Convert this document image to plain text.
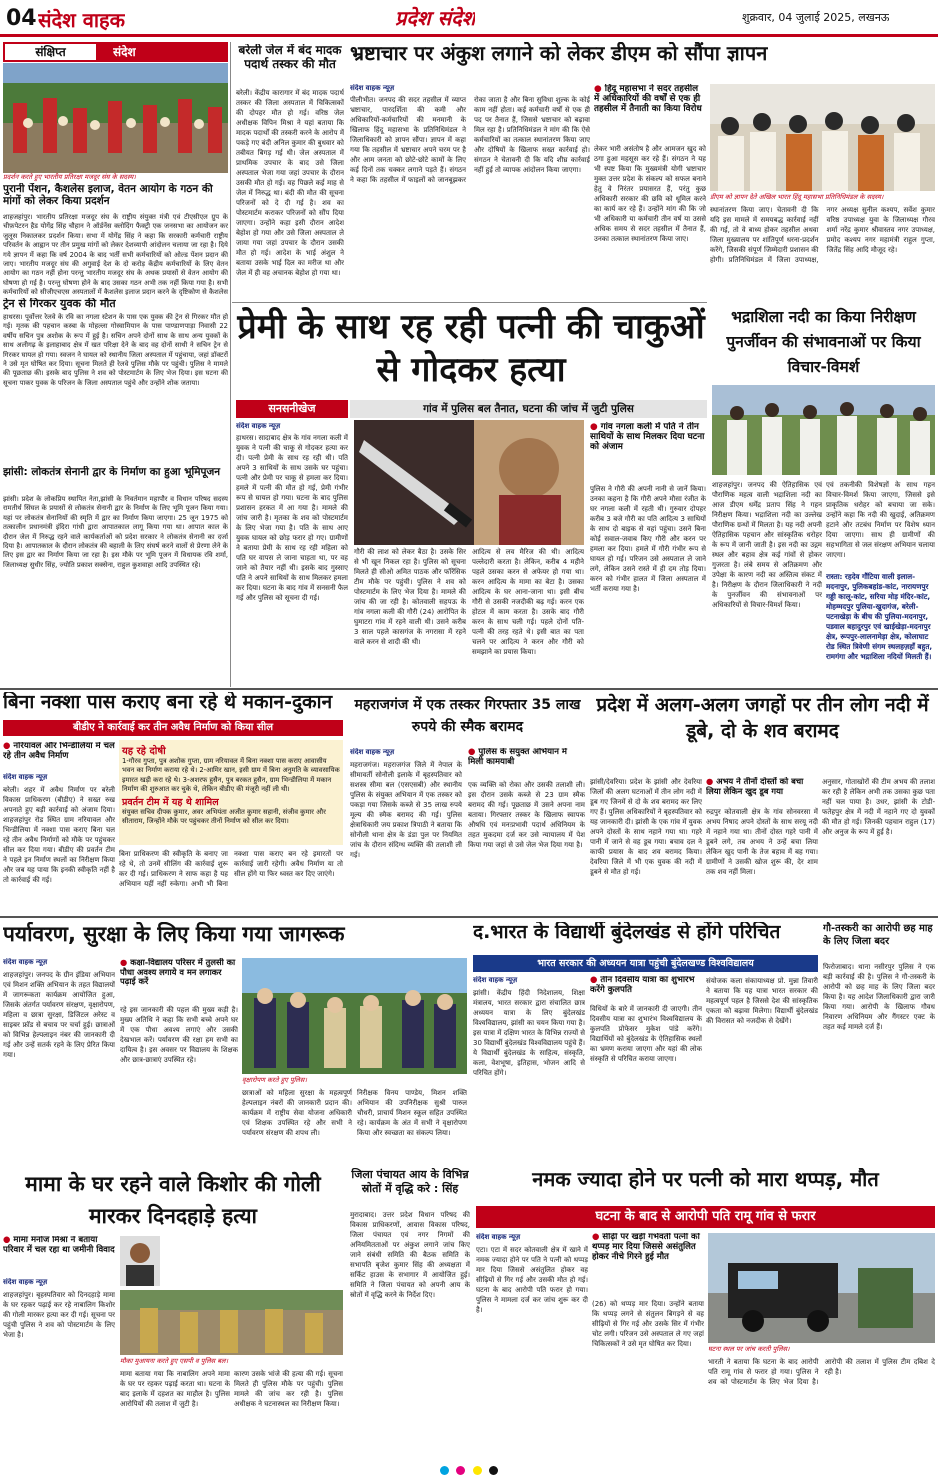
04 संदेश वाहक	प्रदेश संदेश	शुक्रवार, 04 जुलाई 2025, लखनऊ
संक्षिप्त	संदेश
प्रदर्शन करते हुए भारतीय प्रतिरक्षा मजदूर संघ के सदस्य।
पुरानी पेंशन, कैशलेस इलाज, वेतन आयोग के गठन की मांगों को लेकर किया प्रदर्शन
शाहजहांपुर। भारतीय प्रतिरक्षा मजदूर संघ के राष्ट्रीय संयुक्त मंत्री एवं टीएसीएल ग्रुप के चीफ़पेटरन हैड योगेंद्र सिंह चौहान ने ऑर्डनेंस क्लोदिंग फैक्ट्री एक जनसभा का आयोजन कर जुलूस निकालकर प्रदर्शन किया। सभा में योगेंद्र सिंह ने कहा कि सरकारी कर्मचारी राष्ट्रीय परिवर्तन के आह्वान पर तीन प्रमुख मांगों को लेकर देशव्यापी आंदोलन चलाया जा रहा है। दिये गये ज्ञापन में कहा कि वर्ष 2004 के बाद भर्ती सभी कर्मचारियों को ओल्ड पेंशन प्रदान की जाए। भारतीय मजदूर संघ की अगुवाई देश के दो करोड़ केंद्रीय कर्मचारियों के लिए वेतन आयोग का गठन नहीं होना परन्तु भारतीय मजदूर संघ के अथक प्रयासों से वेतन आयोग की घोषणा हो गई है। परन्तु घोषणा होने के बाद उसका गठन अभी तक नहीं किया गया है। सभी कर्मचारियों को सीजीएचएस अस्पतालों में कैशलेस इलाज प्रदान करने के दृष्टिकोण से कैशलेस
ट्रेन से गिरकर युवक की मौत
हाथरस। पूर्वोत्तर रेलवे के रवि का नगला स्टेशन के पास एक युवक की ट्रेन से गिरकर मौत हो गई। मृतक की पहचान कस्बा के मोहल्ला गोस्वामियान के पास पाण्डाणपाड़ा निवासी 22 वर्षीय सचिन पुत्र अशोक के रूप में हुई है। सचिन अपने दोनों साथ के साथ अन्य युवकों के साथ अलीगढ़ के इलाहाबाद क्षेत्र में खत परिक्षा देने के बाद वह दोनों साथी ने सचिन ट्रेन से गिरकर घायल हो गया। स्वजन ने घायल को स्थानीय जिला अस्पताल में पहुंचाया, जहां डॉक्टरों ने उसे मृत घोषित कर दिया। सूचना मिलते ही रेलवे पुलिस मौके पर पहुंची। पुलिस ने मामले की पूछताछ की। इसके बाद पुलिस ने शव को पोस्टमार्टम के लिए भेज दिया। इस घटना की सूचना पाकर युवक के परिजन के जिला अस्पताल पहुंचे और उन्होंने शोक जताया।
झांसी: लोकतंत्र सेनानी द्वार के निर्माण का हुआ भूमिपूजन
झांसी। प्रदेश के लोकप्रिय स्थापित नेता,झांसी के निवर्तमान महापौर व विधान परिषद सदस्य रामतीर्थ सिंघल के प्रयासों से लोकतंत्र सेनानी द्वार के निर्माण के लिए भूमि पूजन किया गया। यहां पर लोकतंत्र सेनानियों की स्मृति में द्वार का निर्माण किया जाएगा। 25 जून 1975 को तत्कालीन प्रधानमंत्री इंदिरा गांधी द्वारा आपातकाल लागू किया गया था। आपात काल के दौरान जेल में निरुद्ध रहने वाले कार्यकर्ताओं को प्रदेश सरकार ने लोकतंत्र सेनानी का दर्जा दिया है। आपातकाल के दौरान लोकतंत्र की बहाली के लिए संघर्ष करने वालों से प्रेरणा लेने के लिए इस द्वार का निर्माण किया जा रहा है। इस मौके पर भूमि पूजन में विधायक रवि शर्मा, जिलाध्यक्ष सुधीर सिंह, ज्योति प्रकाश सक्सेना, राहुल कुशवाहा आदि उपस्थित रहे।
बरेली जेल में बंद मादक पदार्थ तस्कर की मौत
बरेली। केंद्रीय कारागार में बंद मादक पदार्थ तस्कर की जिला अस्पताल में चिकित्सकों की दोपहर मौत हो गई। वरिष्ठ जेल अधीक्षक विपिन मिश्रा ने यहां बताया कि मादक पदार्थों की तस्करी करने के आरोप में पकड़े गए बंदी अनिल कुमार की बुधवार को तबीयत बिगड़ गई थी। जेल अस्पताल में प्राथमिक उपचार के बाद उसे जिला अस्पताल भेजा गया जहां उपचार के दौरान उसकी मौत हो गई। वह पिछले कई माह से जेल में निरुद्ध था। बंदी की मौत की सूचना परिजनों को दे दी गई है। शव का पोस्टमार्टम कराकर परिजनों को सौंप दिया जाएगा। उन्होंने कहा इसी दौरान आदेश बेहोश हो गया और उसे जिला अस्पताल ले जाया गया जहां उपचार के दौरान उसकी मौत हो गई। आदेश के भाई अंशुल ने बताया उसके भाई दिल का मरीज था और जेल में ही वह अचानक बेहोश हो गया था।
भ्रष्टाचार पर अंकुश लगाने को लेकर डीएम को सौंपा ज्ञापन
संदेश वाहक न्यूज़
पीलीभीत। जनपद की सदर तहसील में व्याप्त भ्रष्टाचार, पारदर्शिता की कमी और अधिकारियों-कर्मचारियों की मनमानी के खिलाफ हिंदू महासभा के प्रतिनिधिमंडल ने जिलाधिकारी को ज्ञापन सौंपा। ज्ञापन में कहा गया कि तहसील में भ्रष्टाचार अपने चरम पर है और आम जनता को छोटे-छोटे कामों के लिए कई दिनों तक चक्कर लगाने पड़ते हैं। संगठन ने कहा कि तहसील में फाइलों को जानबूझकर रोका जाता है और बिना सुविधा शुल्क के कोई काम नहीं होता। कई कर्मचारी वर्षों से एक ही पद पर तैनात हैं, जिससे भ्रष्टाचार को बढ़ावा मिल रहा है। प्रतिनिधिमंडल ने मांग की कि ऐसे कर्मचारियों का तत्काल स्थानांतरण किया जाए और दोषियों के खिलाफ सख्त कार्रवाई हो। संगठन ने चेतावनी दी कि यदि शीघ्र कार्रवाई नहीं हुई तो व्यापक आंदोलन किया जाएगा।
● हिंदू महासभा ने सदर तहसील में अधिकारियों की वर्षों से एक ही तहसील में तैनाती का किया विरोध
लेकर भारी असंतोष है और आमजन खुद को ठगा हुआ महसूस कर रहे हैं। संगठन ने यह भी स्पष्ट किया कि मुख्यमंत्री योगी भ्रष्टाचार मुक्त उत्तर प्रदेश के संकल्प को सफल बनाने हेतु वे निरंतर प्रयासरत हैं, परंतु कुछ अधिकारी सरकार की छवि को धूमिल करने का कार्य कर रहे हैं। उन्होंने मांग की कि जो भी अधिकारी या कर्मचारी तीन वर्ष या उससे अधिक समय से सदर तहसील में तैनात हैं, उनका तत्काल स्थानांतरण किया जाए।
डीएम को ज्ञापन देते अखिल भारत हिंदू महासभा प्रतिनिधिमंडल के सदस्य।
स्थानांतरण किया जाए। चेतावनी दी कि यदि इस मामले में समयबद्ध कार्रवाई नहीं की गई, तो वे बाध्य होकर तहसील अथवा जिला मुख्यालय पर शांतिपूर्ण धरना-प्रदर्शन करेंगे, जिसकी संपूर्ण जिम्मेदारी प्रशासन की होगी। प्रतिनिधिमंडल में जिला उपाध्यक्ष, नगर अध्यक्ष सुनील कश्यप, सर्वेश कुमार वरिष्ठ उपाध्यक्ष युवा के जिलाध्यक्ष गौरव शर्मा नरेंद्र कुमार श्रीवास्तव नगर उपाध्यक्ष, प्रमोद कश्यप नगर महामंत्री राहुल गुप्ता, जितेंद्र सिंह आदि मौजूद रहे।
प्रेमी के साथ रह रही पत्नी की चाकुओं से गोदकर हत्या
सनसनीखेज	गांव में पुलिस बल तैनात, घटना की जांच में जुटी पुलिस
संदेश वाहक न्यूज़
हाथरस। सादाबाद क्षेत्र के गांव नगला कली में युवक ने पत्नी की चाकू से गोदकर हत्या कर दी। पत्नी प्रेमी के साथ रह रही थी। पति अपने 3 साथियों के साथ उसके घर पहुंचा। पत्नी और प्रेमी पर चाकू से हमला कर दिया। हमले में पत्नी की मौत हो गई, प्रेमी गंभीर रूप से घायल हो गया। घटना के बाद पुलिस प्रशासन हरकत में आ गया है। मामले की जांच जारी है। मृतका के शव को पोस्टमार्टम के लिए भेजा गया है। पति के साथ आए युवक घायल को छोड़ फरार हो गए। ग्रामीणों ने बताया प्रेमी के साथ रह रही महिला को पति घर वापस ले जाना चाहता था, पर वह जाने को तैयार नहीं थी। इसके बाद गुस्साए पति ने अपने साथियों के साथ मिलकर हमला कर दिया। घटना के बाद गांव में सनसनी फैल गई और पुलिस को सूचना दी गई।
गौरी की लाश को लेकर बैठा है। उसके सिर से भी खून निकल रहा है। पुलिस को सूचना मिलते ही सीओ अमित पाठक और फॉरेंसिक टीम मौके पर पहुंची। पुलिस ने शव को पोस्टमार्टम के लिए भेज दिया है। मामले की जांच की जा रही है। कोतवाली सहपऊ के गांव नगला कली की गौरी (24) आरोपित के घुमाटरा गांव में रहने वाली थी। उसने करीब 3 साल पहले कासगंज के नगरासा में रहने वाले करन से शादी की थी।
आदित्य से लव मैरिज की थी। आदित्य पल्लेदारी करता है। लेकिन, करीब 4 महीने पहले उसका करन से अफेयर हो गया था। करन आदित्य के मामा का बेटा है। उसका आदित्य के घर आना-जाना था। इसी बीच गौरी से उसकी नजदीकी बढ़ गई। करन एक होटल में काम करता है। उसके बाद गौरी करन के साथ चली गई। पहले दोनों पति-पत्नी की तरह रहते थे। इसी बात का पता चलने पर आदित्य ने करन और गौरी को समझाने का प्रयास किया।
● गांव नगला कली में पति ने तीन साथियों के साथ मिलकर दिया घटना को अंजाम
पुलिस ने गौरी की अपनी नानी से जानें किया। उनका कहना है कि गौरी अपने मौसा रंजीत के घर नगला कली में रहती थी। गुरुवार दोपहर करीब 3 बजे गौरी का पति आदित्य 3 साथियों के साथ दो बाइक से वहां पहुंचा। उसने बिना कोई सवाल-जवाब किए गौरी और करन पर हमला कर दिया। हमले में गौरी गंभीर रूप से घायल हो गई। परिजन उसे अस्पताल ले जाने लगे, लेकिन उसने रास्ते में ही दम तोड़ दिया। करन को गंभीर हालत में जिला अस्पताल में भर्ती कराया गया है।
भद्राशिला नदी का किया निरीक्षण पुनर्जीवन की संभावनाओं पर किया विचार-विमर्श
शाहजहांपुर। जनपद की ऐतिहासिक एवं पौराणिक महत्व वाली भद्राशिला नदी का आज डीएम धर्मेंद्र प्रताप सिंह ने गहन निरीक्षण किया। भद्राशिला नदी का उल्लेख पौराणिक ग्रन्थों में मिलता है। यह नदी अपनी ऐतिहासिक पहचान और सांस्कृतिक धरोहर के रूप में जानी जाती है। इस नदी का उद्गम स्थल और बहाव क्षेत्र कई गांवों से होकर गुजरता है। लंबे समय से अतिक्रमण और उपेक्षा के कारण नदी का अस्तित्व संकट में है। निरीक्षण के दौरान जिलाधिकारी ने नदी के पुनर्जीवन की संभावनाओं पर अधिकारियों से विचार-विमर्श किया।
एवं तकनीकी विशेषज्ञों के साथ गहन विचार-विमर्श किया जाएगा, जिससे इसे प्राकृतिक धरोहर को बचाया जा सके। उन्होंने कहा कि नदी की खुदाई, अतिक्रमण हटाने और तटबंध निर्माण पर विशेष ध्यान दिया जाएगा। साथ ही ग्रामीणों की सहभागिता से जल संरक्षण अभियान चलाया जाएगा।
रास्ता: रहदेव गौंटिया वाली इलाल-मदनापुर, पुलिकबहांड-कांट, नारायणपुर गड्डी कालू-कांट, सरिया मोड़ मंदिर-कांट, मोहम्मदपुर पुलिया-खुदागंज, बरेली-पटनाखेड़ा के बीच की पुलिया-मदनापुर, पडवाल बहादुरपुर एवं खाईखेड़ा-मदनापुर क्षेत्र, रूपपुर-लालनामेड़ा क्षेत्र, कोलाघाट रोड स्थित त्रिवेणी संगम स्थलहज़हाँ बहुत, रामगंगा और भद्राशिला नदियों मिलती हैं।
बिना नक्शा पास कराए बना रहे थे मकान-दुकान
बीडीए ने कार्रवाई कर तीन अवैध निर्माण को किया सील
● नरियावल और भिन्डीलिया में चल रहे तीन अवैध निर्माण
संदेश वाहक न्यूज़
बरेली। शहर में अवैध निर्माण पर बरेली विकास प्राधिकरण (बीडीए) ने सख्त रुख अपनाते हुए बड़ी कार्रवाई को अंजाम दिया। शाहजहांपुर रोड स्थित ग्राम नरियावल और भिन्डीलिया में नक्शा पास कराए बिना चल रहे तीन अवैध निर्माणों को मौके पर पहुंचकर सील कर दिया गया। बीडीए की प्रवर्तन टीम ने पहले इन निर्माण स्थलों का निरीक्षण किया और जब यह पाया कि इनकी स्वीकृति नहीं है तो कार्रवाई की गई।
यह रहे दोषी
1-गौरव गुप्ता, पुत्र अशोक गुप्ता, ग्राम नरियावल में बिना नक्शा पास कराए आवासीय भवन का निर्माण कराया रहे थे। 2-आमिर खान, इसी ग्राम में बिना अनुमति के व्यावसायिक इमारत खड़ी करा रहे थे। 3-अशरफ हुसैन, पुत्र बरकत हुसैन, ग्राम भिन्डीलिया में मकान निर्माण की शुरुआत कर चुके थे, लेकिन बीडीए की मंजूरी नहीं ली थी।
प्रवर्तन टीम में यह थे शामिल
संयुक्त सचिव दीपक कुमार, अवर अभियंता अजीत कुमार सहानी, संजीव कुमार और सीताराम, जिन्होंने मौके पर पहुंचकर तीनों निर्माण को सील कर दिया।
बिना प्राधिकरण की स्वीकृति के बनाए जा रहे थे, तो उनमें सीलिंग की कार्रवाई शुरू कर दी गई। प्राधिकरण ने साफ कहा है यह अभियान यहीं नहीं रुकेगा। अभी भी बिना नक्शा पास कराए बन रहे इमारतों पर कार्रवाई जारी रहेगी। अवैध निर्माण या तो सील होंगे या फिर ध्वस्त कर दिए जाएंगे।
महराजगंज में एक तस्कर गिरफ्तार 35 लाख रुपये की स्मैक बरामद
संदेश वाहक न्यूज़
महराजगंज। महराजगंज जिले में नेपाल के सीमावर्ती सोनौली इलाके में बृहस्पतिवार को सशस्त्र सीमा बल (एसएसबी) और स्थानीय पुलिस के संयुक्त अभियान में एक तस्कर को पकड़ा गया जिसके कब्जे से 35 लाख रुपये मूल्य की स्मैक बरामद की गई। पुलिस क्षेत्राधिकारी जय प्रकाश त्रिपाठी ने बताया कि सोनौली थाना क्षेत्र के डंडा पुल पर नियमित जांच के दौरान संदिग्ध व्यक्ति की तलाशी ली गई।
● पुलिस के संयुक्त अभियान में मिली कामयाबी
एक व्यक्ति को रोका और उसकी तलाशी ली। इस दौरान उसके कब्जे से 23 ग्राम स्मैक बरामद की गई। पूछताछ में उसने अपना नाम बताया। गिरफ्तार तस्कर के खिलाफ स्वापक औषधि एवं मनःप्रभावी पदार्थ अधिनियम के तहत मुकदमा दर्ज कर उसे न्यायालय में पेश किया गया जहां से उसे जेल भेज दिया गया है।
प्रदेश में अलग-अलग जगहों पर तीन लोग नदी में डूबे, दो के शव बरामद
झांसी/देवरिया। प्रदेश के झांसी और देवरिया जिलों की अलग घटनाओं में तीन लोग नदी में डूब गए जिनमें से दो के शव बरामद कर लिए गए हैं। पुलिस अधिकारियों ने बृहस्पतिवार को यह जानकारी दी। झांसी के एक गांव में युवक अपने दोस्तों के साथ नहाने गया था। गहरे पानी में जाने से वह डूब गया। बचाव दल ने काफी प्रयास के बाद शव बरामद किया। देवरिया जिले में भी एक युवक की नदी में डूबने से मौत हो गई।
● अभय ने तीनों दोस्तों को बचा लिया लेकिन खुद डूब गया
रुद्रपुर कोतवाली क्षेत्र के गांव सोनवरसा में अभय निषाद अपने दोस्तों के साथ सरयू नदी में नहाने गया था। तीनों दोस्त गहरे पानी में डूबने लगे, तब अभय ने उन्हें बचा लिया लेकिन खुद पानी के तेज बहाव में बह गया। ग्रामीणों ने उसकी खोज शुरू की, देर शाम तक शव नहीं मिला।
अनुसार, गोताखोरों की टीम अभय की तलाश कर रही है लेकिन अभी तक उसका कुछ पता नहीं चल पाया है। उधर, झांसी के टोडी-फतेहपुर क्षेत्र में नदी में नहाने गए दो युवकों की मौत हो गई। जिनकी पहचान राहुल (17) और अनुज के रूप में हुई है।
पर्यावरण, सुरक्षा के लिए किया गया जागरूक
संदेश वाहक न्यूज़
शाहजहांपुर। जनपद के ग्रीन इंडिया अभियान एवं मिशन शक्ति अभियान के तहत विद्यालयों में जागरूकता कार्यक्रम आयोजित हुआ, जिसके अंतर्गत पर्यावरण संरक्षण, वृक्षारोपण, महिला व छात्रा सुरक्षा, डिजिटल अरेस्ट व साइबर फ्रॉड से बचाव पर चर्चा हुई। छात्राओं को विभिन्न हेल्पलाइन नंबर की जानकारी दी गई और उन्हें सतर्क रहने के लिए प्रेरित किया गया।
● कक्षा-विद्यालय परिसर में तुलसी का पौधा अवश्य लगाये व मन लगाकर पढ़ाई करें
रहे इस जानकारी की पहल की मुख्य कड़ी है। मुख्य अतिथि ने कहा कि सभी बच्चे अपने घर में एक पौधा अवश्य लगाएं और उसकी देखभाल करें। पर्यावरण की रक्षा हम सभी का दायित्व है। इस अवसर पर विद्यालय के शिक्षक और छात्र-छात्राएं उपस्थित रहे।
वृक्षारोपण करते हुए पुलिस।
छात्राओं को महिला सुरक्षा के महत्वपूर्ण हेल्पलाइन नंबरों की जानकारी प्रदान की। कार्यक्रम में राष्ट्रीय सेवा योजना अधिकारी एवं शिक्षक उपस्थित रहे और सभी ने पर्यावरण संरक्षण की शपथ ली।
निरीक्षक विनय पाण्डेय, मिशन शक्ति अभियान की उपनिरीक्षक सुश्री पारुल चौधरी, प्राचार्य मिशन स्कूल सहित उपस्थित रहे। कार्यक्रम के अंत में सभी ने वृक्षारोपण किया और स्वच्छता का संकल्प लिया।
द.भारत के विद्यार्थी बुंदेलखंड से होंगे परिचित
भारत सरकार की अध्ययन यात्रा पहुंची बुंदेलखण्ड विश्वविद्यालय
संदेश वाहक न्यूज़
झांसी। केंद्रीय हिंदी निदेशालय, शिक्षा मंत्रालय, भारत सरकार द्वारा संचालित छात्र अध्ययन यात्रा के लिए बुंदेलखंड विश्वविद्यालय, झांसी का चयन किया गया है। इस यात्रा में दक्षिण भारत के विभिन्न राज्यों से 30 विद्यार्थी बुंदेलखंड विश्वविद्यालय पहुंचे हैं। ये विद्यार्थी बुंदेलखंड के साहित्य, संस्कृति, कला, वेशभूषा, इतिहास, भोजन आदि से परिचित होंगे।
● तीन दिवसीय यात्रा का शुभारंभ करेंगे कुलपति
विधियों के बारे में जानकारी दी जाएगी। तीन दिवसीय यात्रा का शुभारंभ विश्वविद्यालय के कुलपति प्रोफेसर मुकेश पांडे करेंगे। विद्यार्थियों को बुंदेलखंड के ऐतिहासिक स्थलों का भ्रमण कराया जाएगा और यहां की लोक संस्कृति से परिचित कराया जाएगा।
संयोजक कला संकायाध्यक्ष प्रो. मुन्ना तिवारी ने बताया कि यह यात्रा भारत सरकार की महत्वपूर्ण पहल है जिससे देश की सांस्कृतिक एकता को बढ़ावा मिलेगा। विद्यार्थी बुंदेलखंड की विरासत को नजदीक से देखेंगे।
गौ-तस्करी का आरोपी छह माह के लिए जिला बदर
फिरोजाबाद। थाना नसीरपुर पुलिस ने एक बड़ी कार्रवाई की है। पुलिस ने गौ-तस्करी के आरोपी को छह माह के लिए जिला बदर किया है। यह आदेश जिलाधिकारी द्वारा जारी किया गया। आरोपी के खिलाफ गौवध निवारण अधिनियम और गैंगस्टर एक्ट के तहत कई मामले दर्ज हैं।
जिला पंचायत आय के विभिन्न स्रोतों में वृद्धि करे : सिंह
मुरादाबाद। उत्तर प्रदेश विधान परिषद की विकास प्राधिकरणों, आवास विकास परिषद, जिला पंचायत एवं नगर निगमों की अनियमितताओं पर अंकुश लगाने जांच किए जाने संबंधी समिति की बैठक समिति के सभापति बृजेश कुमार सिंह की अध्यक्षता में सर्किट हाउस के सभागार में आयोजित हुई। समिति ने जिला पंचायत को अपनी आय के स्रोतों में वृद्धि करने के निर्देश दिए।
मामा के घर रहने वाले किशोर की गोली मारकर दिनदहाड़े हत्या
● मामा मनोज मिश्रा ने बताया परिवार में चल रहा था जमीनी विवाद
संदेश वाहक न्यूज़
शाहजहांपुर। बृहस्पतिवार को दिनदहाड़े मामा के घर रहकर पढ़ाई कर रहे नाबालिग किशोर की गोली मारकर हत्या कर दी गई। सूचना पर पहुंची पुलिस ने शव को पोस्टमार्टम के लिए भेजा है।
मौका मुआयना करते हुए एसपी व पुलिस बल।
मामा बताया गया कि नाबालिग अपने मामा के घर पर रहकर पढ़ाई करता था। घटना के बाद इलाके में दहशत का माहौल है। पुलिस आरोपियों की तलाश में जुटी है।
कारण उसके भांजे की हत्या की गई। सूचना मिलते ही पुलिस मौके पर पहुंची। पुलिस मामले की जांच कर रही है। पुलिस अधीक्षक ने घटनास्थल का निरीक्षण किया।
नमक ज्यादा होने पर पत्नी को मारा थप्पड़, मौत
घटना के बाद से आरोपी पति रामू गांव से फरार
संदेश वाहक न्यूज़
एटा। एटा में सदर कोतवाली क्षेत्र में खाने में नमक ज्यादा होने पर पति ने पत्नी को थप्पड़ मार दिया जिससे असंतुलित होकर वह सीढ़ियों से गिर गई और उसकी मौत हो गई। घटना के बाद आरोपी पति फरार हो गया। पुलिस ने मामला दर्ज कर जांच शुरू कर दी है।
● सीढ़ी पर खड़ी गर्भवती पत्नी को थप्पड़ मार दिया जिससे असंतुलित होकर नीचे गिरने हुई मौत
(26) को थप्पड़ मार दिया। उन्होंने बताया कि थप्पड़ लगने से संतुलन बिगड़ने से वह सीढ़ियों से गिर गई और उसके सिर में गंभीर चोट लगी। परिजन उसे अस्पताल ले गए जहां चिकित्सकों ने उसे मृत घोषित कर दिया।
घटना स्थल पर जांच करती पुलिस।
भारती ने बताया कि घटना के बाद आरोपी पति रामू गांव से फरार हो गया। पुलिस ने शव को पोस्टमार्टम के लिए भेज दिया है। आरोपी की तलाश में पुलिस टीम दबिश दे रही है।
